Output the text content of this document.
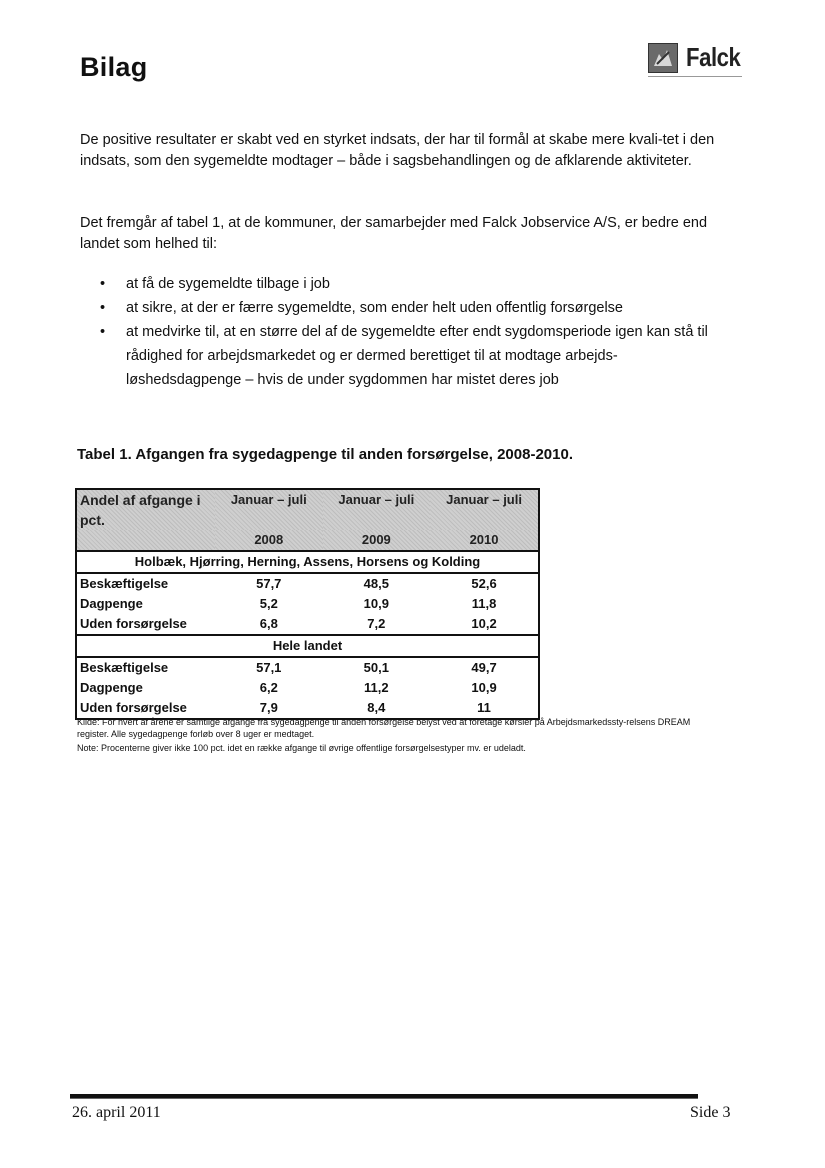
Bilag	Falck
De positive resultater er skabt ved en styrket indsats, der har til formål at skabe mere kvali-tet i den indsats, som den sygemeldte modtager – både i sagsbehandlingen og de afklarende aktiviteter.
Det fremgår af tabel 1, at de kommuner, der samarbejder med Falck Jobservice A/S, er bedre end landet som helhed til:
• at få de sygemeldte tilbage i job
• at sikre, at der er færre sygemeldte, som ender helt uden offentlig forsørgelse
• at medvirke til, at en større del af de sygemeldte efter endt sygdomsperiode igen kan stå til rådighed for arbejdsmarkedet og er dermed berettiget til at modtage arbejds-løshedsdagpenge – hvis de under sygdommen har mistet deres job
Tabel 1. Afgangen fra sygedagpenge til anden forsørgelse, 2008-2010.
Andel af afgange i pct.	Januar – juli	Januar – juli	Januar – juli

	2008	2009	2010
Holbæk, Hjørring, Herning, Assens, Horsens og Kolding			
Beskæftigelse	57,7	48,5	52,6
Dagpenge	5,2	10,9	11,8
Uden forsørgelse	6,8	7,2	10,2
Hele landet			
Beskæftigelse	57,1	50,1	49,7
Dagpenge	6,2	11,2	10,9
Uden forsørgelse	7,9	8,4	11
Kilde: For hvert af årene er samtlige afgange fra sygedagpenge til anden forsørgelse belyst ved at foretage kørsler på Arbejdsmarkedssty-relsens DREAM register. Alle sygedagpenge forløb over 8 uger er medtaget.
Note: Procenterne giver ikke 100 pct. idet en række afgange til øvrige offentlige forsørgelsestyper mv. er udeladt.
26. april 2011	Side 3
